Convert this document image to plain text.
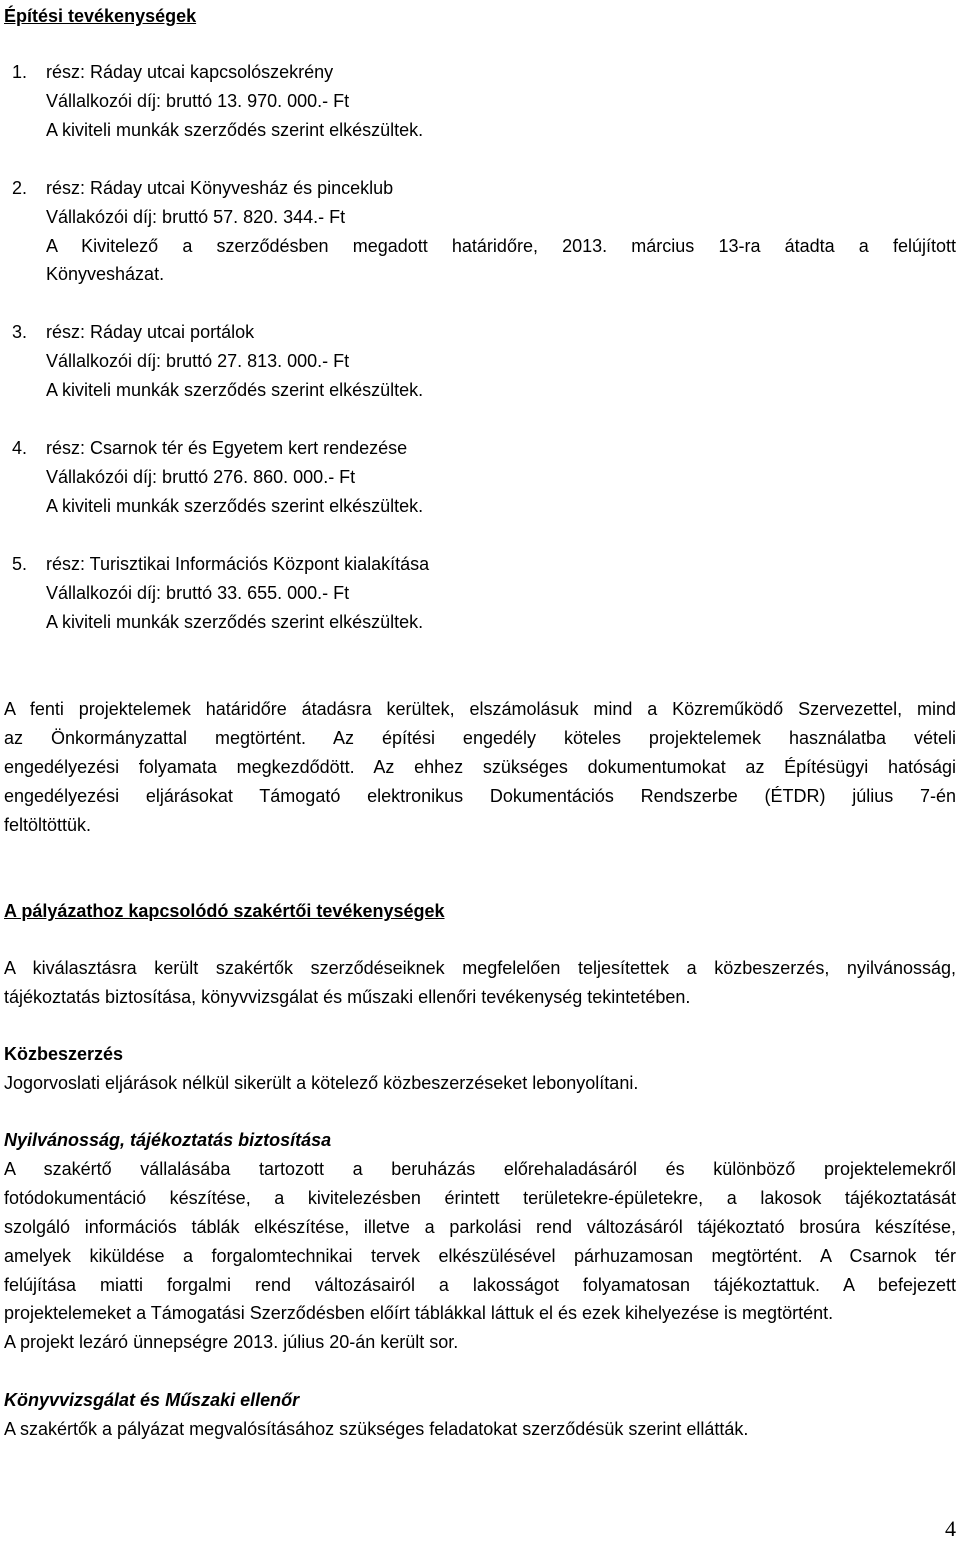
Építési tevékenységek
1.	rész: Ráday utcai kapcsolószekrény
Vállalkozói díj: bruttó 13. 970. 000.- Ft
A kiviteli munkák szerződés szerint elkészültek.
2.	rész: Ráday utcai Könyvesház és pinceklub
Vállakózói díj: bruttó 57. 820. 344.- Ft
A Kivitelező a szerződésben megadott határidőre, 2013. március 13-ra átadta a felújított
Könyvesházat.
3.	rész: Ráday utcai portálok
Vállalkozói díj: bruttó 27. 813. 000.- Ft
A kiviteli munkák szerződés szerint elkészültek.
4.	rész: Csarnok tér és Egyetem kert rendezése
Vállakózói díj: bruttó 276. 860. 000.- Ft
A kiviteli munkák szerződés szerint elkészültek.
5.	rész: Turisztikai Információs Központ kialakítása
Vállalkozói díj: bruttó 33. 655. 000.- Ft
A kiviteli munkák szerződés szerint elkészültek.
A fenti projektelemek határidőre átadásra kerültek, elszámolásuk mind a Közreműködő Szervezettel, mind
az Önkormányzattal megtörtént. Az építési engedély köteles projektelemek használatba vételi
engedélyezési folyamata megkezdődött. Az ehhez szükséges dokumentumokat az Építésügyi hatósági
engedélyezési eljárásokat Támogató elektronikus Dokumentációs Rendszerbe (ÉTDR) július 7-én
feltöltöttük.
A pályázathoz kapcsolódó szakértői tevékenységek
A kiválasztásra került szakértők szerződéseiknek megfelelően teljesítettek a közbeszerzés, nyilvánosság,
tájékoztatás biztosítása, könyvvizsgálat és műszaki ellenőri tevékenység tekintetében.
Közbeszerzés
Jogorvoslati eljárások nélkül sikerült a kötelező közbeszerzéseket lebonyolítani.
Nyilvánosság, tájékoztatás biztosítása
A szakértő vállalásába tartozott a beruházás előrehaladásáról és különböző projektelemekről
fotódokumentáció készítése, a kivitelezésben érintett területekre-épületekre, a lakosok tájékoztatását
szolgáló információs táblák elkészítése, illetve a parkolási rend változásáról tájékoztató brosúra készítése,
amelyek kiküldése a forgalomtechnikai tervek elkészülésével párhuzamosan megtörtént. A Csarnok tér
felújítása miatti forgalmi rend változásairól a lakosságot folyamatosan tájékoztattuk. A befejezett
projektelemeket a Támogatási Szerződésben előírt táblákkal láttuk el és ezek kihelyezése is megtörtént.
A projekt lezáró ünnepségre 2013. július 20-án került sor.
Könyvvizsgálat és Műszaki ellenőr
A szakértők a pályázat megvalósításához szükséges feladatokat szerződésük szerint ellátták.
4
